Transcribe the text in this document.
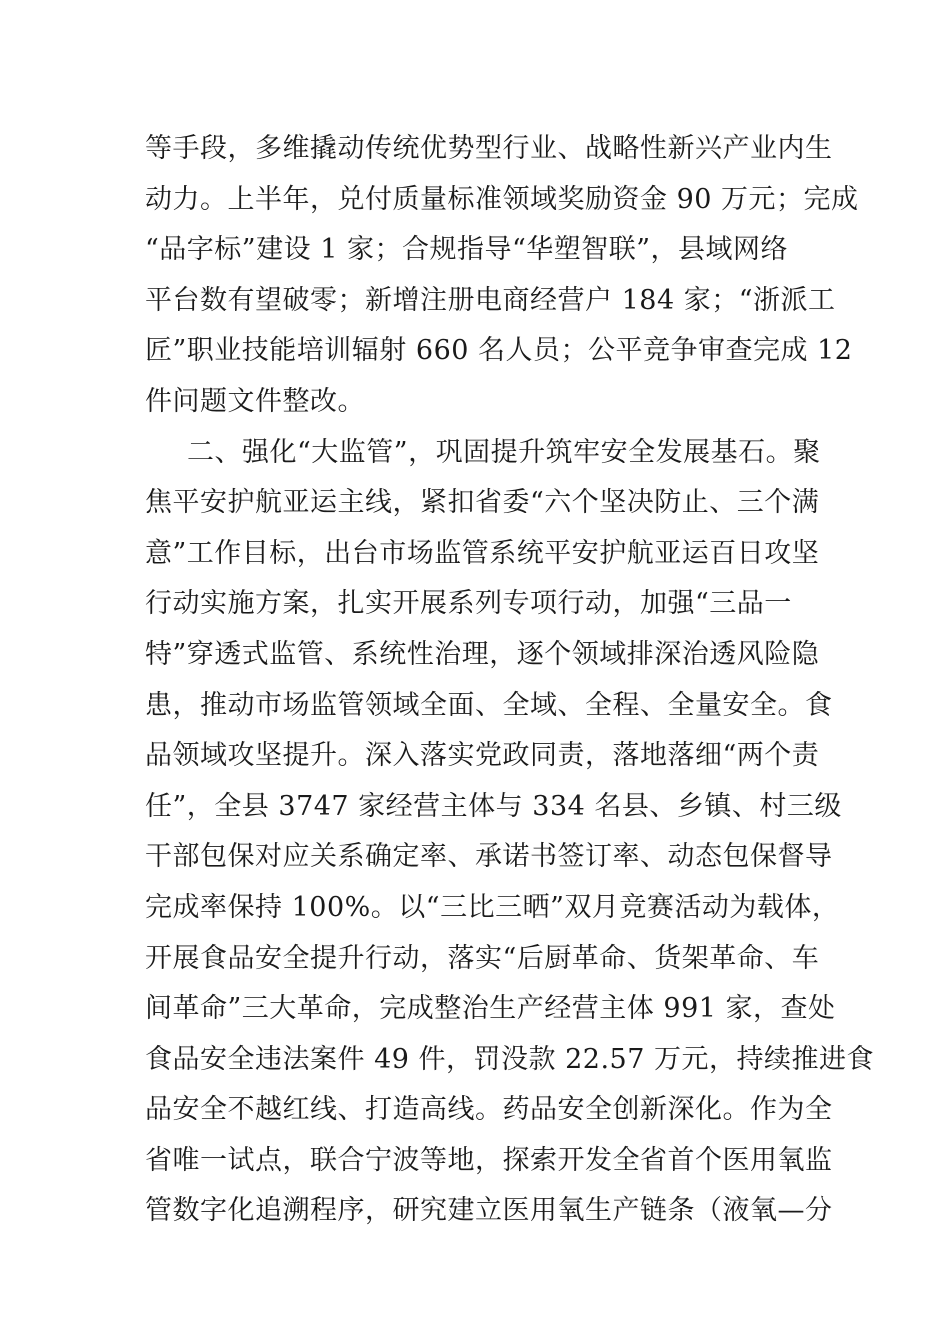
等手段，多维撬动传统优势型行业、战略性新兴产业内生
动力。上半年，兑付质量标准领域奖励资金 90 万元；完成
“品字标”建设 1 家；合规指导“华塑智联”，县域网络
平台数有望破零；新增注册电商经营户 184 家；“浙派工
匠”职业技能培训辐射 660 名人员；公平竞争审查完成 12
件问题文件整改。
二、强化“大监管”，巩固提升筑牢安全发展基石。聚
焦平安护航亚运主线，紧扣省委“六个坚决防止、三个满
意”工作目标，出台市场监管系统平安护航亚运百日攻坚
行动实施方案，扎实开展系列专项行动，加强“三品一
特”穿透式监管、系统性治理，逐个领域排深治透风险隐
患，推动市场监管领域全面、全域、全程、全量安全。食
品领域攻坚提升。深入落实党政同责，落地落细“两个责
任”，全县 3747 家经营主体与 334 名县、乡镇、村三级
干部包保对应关系确定率、承诺书签订率、动态包保督导
完成率保持 100%。以“三比三晒”双月竞赛活动为载体，
开展食品安全提升行动，落实“后厨革命、货架革命、车
间革命”三大革命，完成整治生产经营主体 991 家，查处
食品安全违法案件 49 件，罚没款 22.57 万元，持续推进食
品安全不越红线、打造高线。药品安全创新深化。作为全
省唯一试点，联合宁波等地，探索开发全省首个医用氧监
管数字化追溯程序，研究建立医用氧生产链条（液氧—分
